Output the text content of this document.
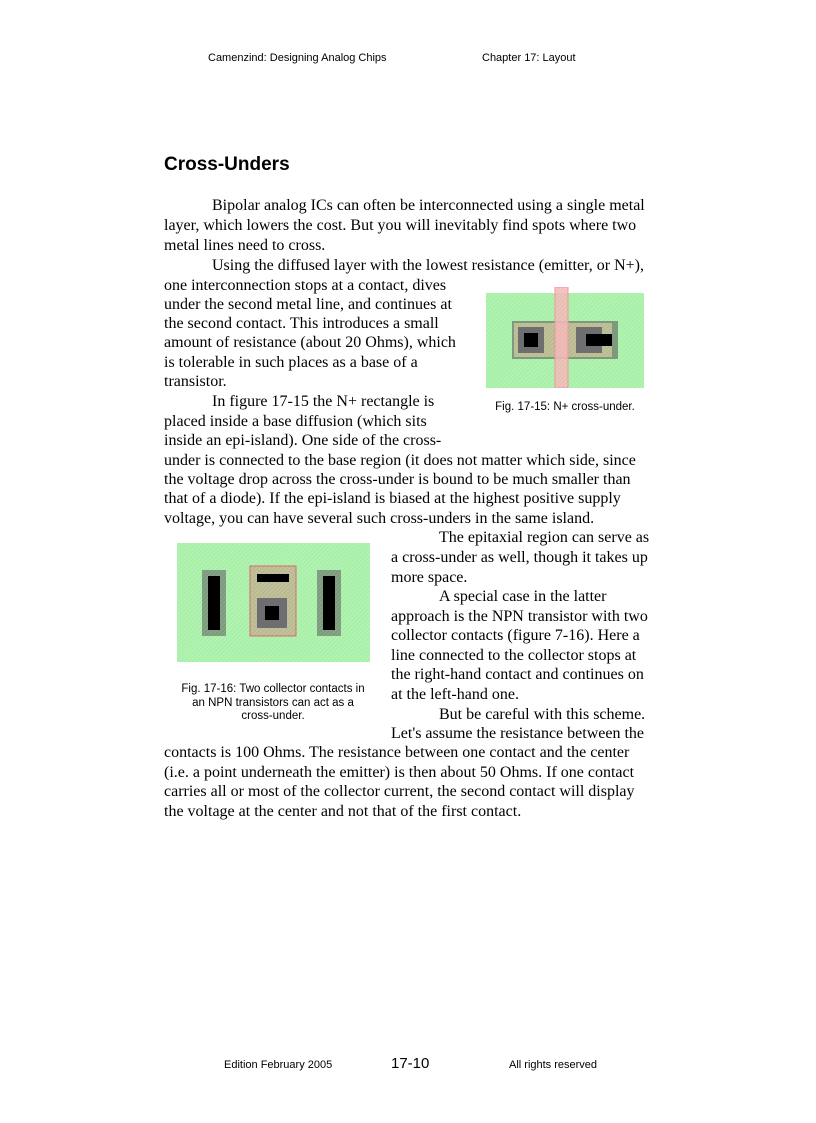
Camenzind: Designing Analog Chips	Chapter 17: Layout
Cross-Unders
Bipolar analog ICs can often be interconnected using a single metal
layer, which lowers the cost. But you will inevitably find spots where two
metal lines need to cross.
Using the diffused layer with the lowest resistance (emitter, or N+),
one interconnection stops at a contact, dives
under the second metal line, and continues at
the second contact. This introduces a small
amount of resistance (about 20 Ohms), which
is tolerable in such places as a base of a
transistor.
In figure 17-15 the N+ rectangle is
placed inside a base diffusion (which sits
inside an epi-island). One side of the cross-
under is connected to the base region (it does not matter which side, since
the voltage drop across the cross-under is bound to be much smaller than
that of a diode). If the epi-island is biased at the highest positive supply
voltage, you can have several such cross-unders in the same island.
The epitaxial region can serve as
a cross-under as well, though it takes up
more space.
A special case in the latter
approach is the NPN transistor with two
collector contacts (figure 7-16). Here a
line connected to the collector stops at
the right-hand contact and continues on
at the left-hand one.
But be careful with this scheme.
Let's assume the resistance between the
contacts is 100 Ohms. The resistance between one contact and the center
(i.e. a point underneath the emitter) is then about 50 Ohms. If one contact
carries all or most of the collector current, the second contact will display
the voltage at the center and not that of the first contact.
Fig. 17-15: N+ cross-under.
Fig. 17-16: Two collector contacts in
an NPN transistors can act as a
cross-under.
Edition February 2005	17-10	All rights reserved
